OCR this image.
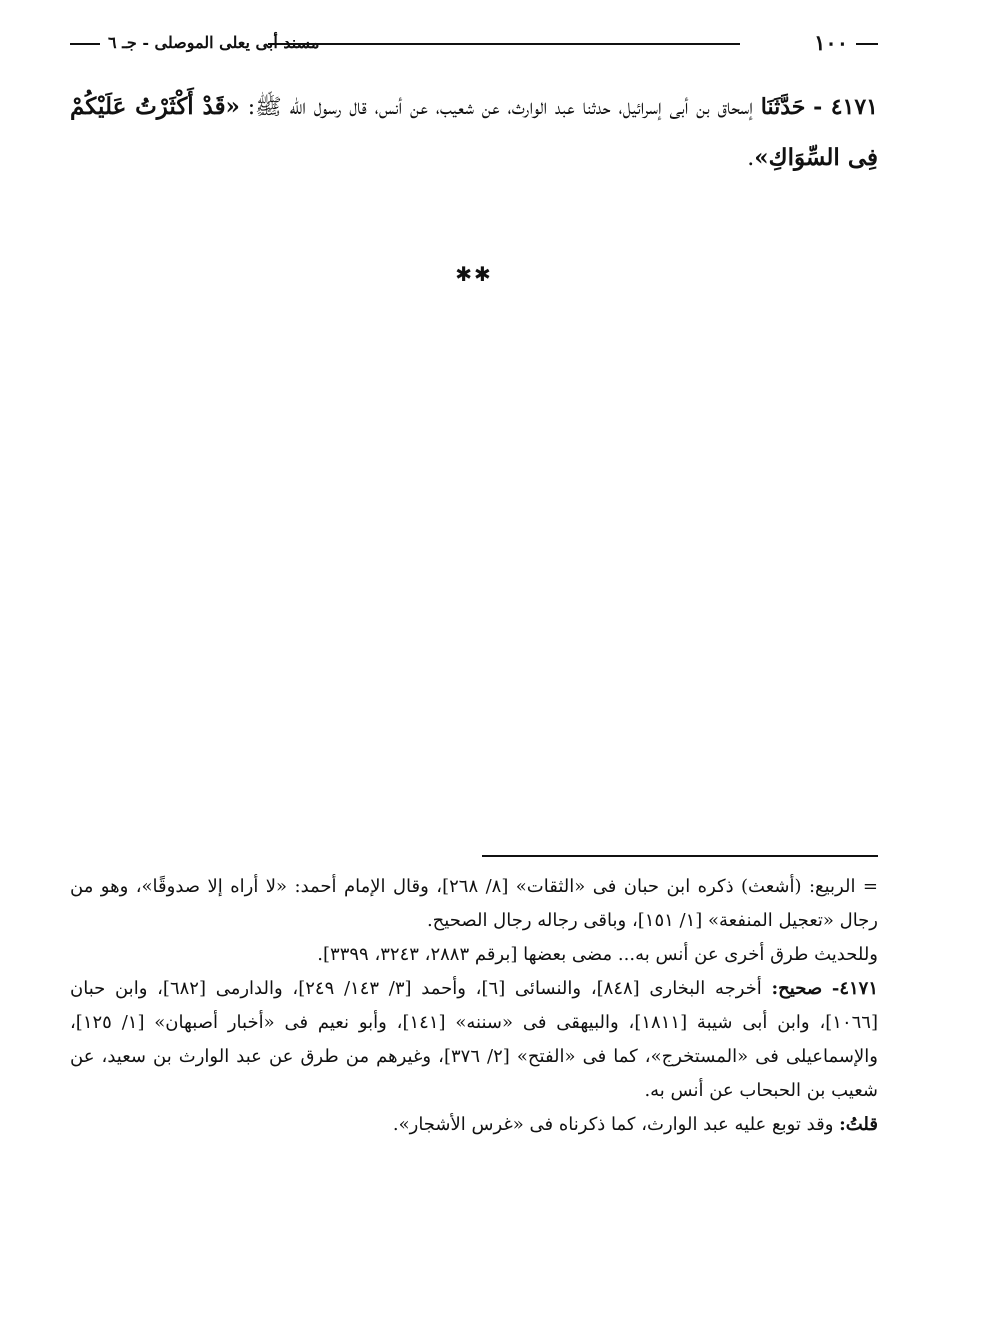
١٠٠
مسند أبى يعلى الموصلى - جـ ٦
٤١٧١ - حَدَّثَنَا إسحاق بن أبى إسرائيل، حدثنا عبد الوارث، عن شعيب، عن أنس، قال رسول الله ﷺ: «قَدْ أَكْثَرْتُ عَلَيْكُمْ فِى السِّوَاكِ».
✱✱

= الربيع: (أشعث) ذكره ابن حبان فى «الثقات» [٨/ ٢٦٨]، وقال الإمام أحمد: «لا أراه إلا صدوقًا»، وهو من رجال «تعجيل المنفعة» [١/ ١٥١]، وباقى رجاله رجال الصحيح.

وللحديث طرق أخرى عن أنس به... مضى بعضها [برقم ٢٨٨٣، ٣٢٤٣، ٣٣٩٩].

٤١٧١- صحيح: أخرجه البخارى [٨٤٨]، والنسائى [٦]، وأحمد [٣/ ١٤٣/ ٢٤٩]، والدارمى [٦٨٢]، وابن حبان [١٠٦٦]، وابن أبى شيبة [١٨١١]، والبيهقى فى «سننه» [١٤١]، وأبو نعيم فى «أخبار أصبهان» [١/ ١٢٥]، والإسماعيلى فى «المستخرج»، كما فى «الفتح» [٢/ ٣٧٦]، وغيرهم من طرق عن عبد الوارث بن سعيد، عن شعيب بن الحبحاب عن أنس به.

قلتُ: وقد توبع عليه عبد الوارث، كما ذكرناه فى «غرس الأشجار».
